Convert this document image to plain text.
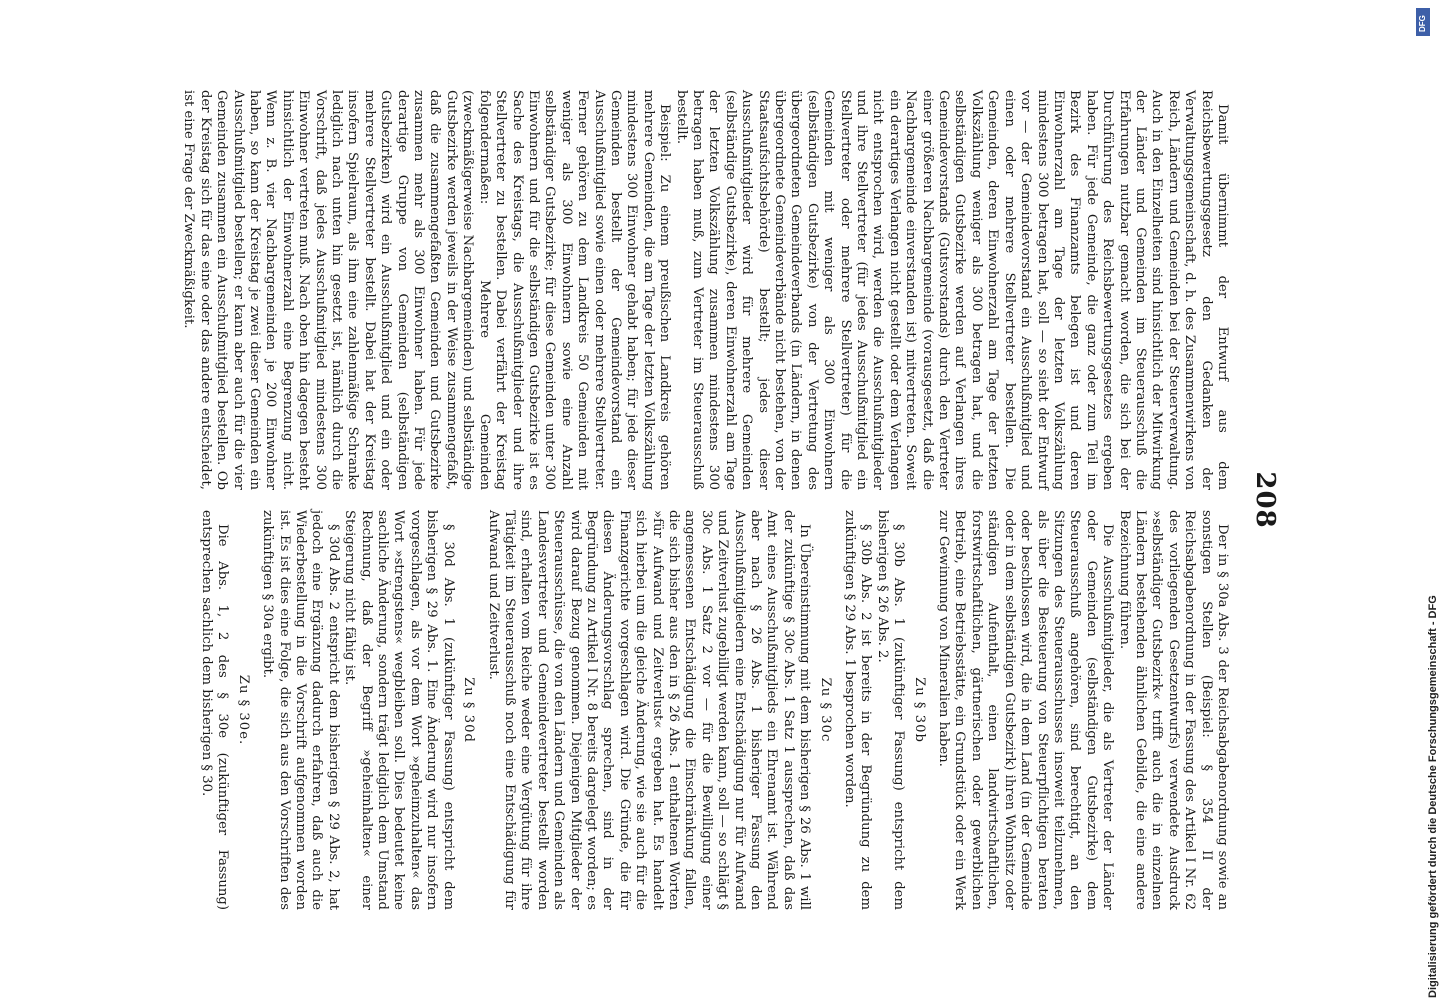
208

Damit übernimmt der Entwurf aus dem Reichsbewertungsgesetz den Gedanken der Verwaltungsgemeinschaft, d. h. des Zusammenwirkens von Reich, Ländern und Gemeinden bei der Steuerverwaltung. Auch in den Einzelheiten sind hinsichtlich der Mitwirkung der Länder und Gemeinden im Steuerausschuß die Erfahrungen nutzbar gemacht worden, die sich bei der Durchführung des Reichsbewertungsgesetzes ergeben haben. Für jede Gemeinde, die ganz oder zum Teil im Bezirk des Finanzamts belegen ist und deren Einwohnerzahl am Tage der letzten Volkszählung mindestens 300 betragen hat, soll — so sieht der Entwurf vor — der Gemeindevorstand ein Ausschußmitglied und einen oder mehrere Stellvertreter bestellen. Die Gemeinden, deren Einwohnerzahl am Tage der letzten Volkszählung weniger als 300 betragen hat, und die selbständigen Gutsbezirke werden auf Verlangen ihres Gemeindevorstands (Gutsvorstands) durch den Vertreter einer größeren Nachbargemeinde (vorausgesetzt, daß die Nachbargemeinde einverstanden ist) mitvertreten. Soweit ein derartiges Verlangen nicht gestellt oder dem Verlangen nicht entsprochen wird, werden die Ausschußmitglieder und ihre Stellvertreter (für jedes Ausschußmitglied ein Stellvertreter oder mehrere Stellvertreter) für die Gemeinden mit weniger als 300 Einwohnern (selbständigen Gutsbezirke) von der Vertretung des übergeordneten Gemeindeverbands (in Ländern, in denen übergeordnete Gemeindeverbände nicht bestehen, von der Staatsaufsichtsbehörde) bestellt; jedes dieser Ausschußmitglieder wird für mehrere Gemeinden (selbständige Gutsbezirke), deren Einwohnerzahl am Tage der letzten Volkszählung zusammen mindestens 300 betragen haben muß, zum Vertreter im Steuerausschuß bestellt.

Beispiel: Zu einem preußischen Landkreis gehören mehrere Gemeinden, die am Tage der letzten Volkszählung mindestens 300 Einwohner gehabt haben; für jede dieser Gemeinden bestellt der Gemeindevorstand ein Ausschußmitglied sowie einen oder mehrere Stellvertreter. Ferner gehören zu dem Landkreis 50 Gemeinden mit weniger als 300 Einwohnern sowie eine Anzahl selbständiger Gutsbezirke; für diese Gemeinden unter 300 Einwohnern und für die selbständigen Gutsbezirke ist es Sache des Kreistags, die Ausschußmitglieder und ihre Stellvertreter zu bestellen. Dabei verfährt der Kreistag folgendermaßen: Mehrere Gemeinden (zweckmäßigerweise Nachbargemeinden) und selbständige Gutsbezirke werden jeweils in der Weise zusammengefaßt, daß die zusammengefaßten Gemeinden und Gutsbezirke zusammen mehr als 300 Einwohner haben. Für jede derartige Gruppe von Gemeinden (selbständigen Gutsbezirken) wird ein Ausschußmitglied und ein oder mehrere Stellvertreter bestellt. Dabei hat der Kreistag insofern Spielraum, als ihm eine zahlenmäßige Schranke lediglich nach unten hin gesetzt ist, nämlich durch die Vorschrift, daß jedes Ausschußmitglied mindestens 300 Einwohner vertreten muß. Nach oben hin dagegen besteht hinsichtlich der Einwohnerzahl eine Begrenzung nicht. Wenn z. B. vier Nachbargemeinden je 200 Einwohner haben, so kann der Kreistag je zwei dieser Gemeinden ein Ausschußmitglied bestellen; er kann aber auch für die vier Gemeinden zusammen ein Ausschußmitglied bestellen. Ob der Kreistag sich für das eine oder das andere entscheidet, ist eine Frage der Zweckmäßigkeit.

Der in § 30a Abs. 3 der Reichsabgabenordnung sowie an sonstigen Stellen (Beispiel: § 354 II der Reichsabgabenordnung in der Fassung des Artikel I Nr. 62 des vorliegenden Gesetzentwurfs) verwendete Ausdruck »selbständiger Gutsbezirk« trifft auch die in einzelnen Ländern bestehenden ähnlichen Gebilde, die eine andere Bezeichnung führen.

Die Ausschußmitglieder, die als Vertreter der Länder oder Gemeinden (selbständigen Gutsbezirke) dem Steuerausschuß angehören, sind berechtigt, an den Sitzungen des Steuerausschusses insoweit teilzunehmen, als über die Besteuerung von Steuerpflichtigen beraten oder beschlossen wird, die in dem Land (in der Gemeinde oder in dem selbständigen Gutsbezirk) ihren Wohnsitz oder ständigen Aufenthalt, einen landwirtschaftlichen, forstwirtschaftlichen, gärtnerischen oder gewerblichen Betrieb, eine Betriebsstätte, ein Grundstück oder ein Werk zur Gewinnung von Mineralien haben.

Zu § 30b

§ 30b Abs. 1 (zukünftiger Fassung) entspricht dem bisherigen § 26 Abs. 2.

§ 30b Abs. 2 ist bereits in der Begründung zu dem zukünftigen § 29 Abs. 1 besprochen worden.

Zu § 30c

In Übereinstimmung mit dem bisherigen § 26 Abs. 1 will der zukünftige § 30c Abs. 1 Satz 1 aussprechen, daß das Amt eines Ausschußmitglieds ein Ehrenamt ist. Während aber nach § 26 Abs. 1 bisheriger Fassung den Ausschußmitgliedern eine Entschädigung nur für Aufwand und Zeitverlust zugebilligt werden kann, soll — so schlägt § 30c Abs. 1 Satz 2 vor — für die Bewilligung einer angemessenen Entschädigung die Einschränkung fallen, die sich bisher aus den in § 26 Abs. 1 enthaltenen Worten »für Aufwand und Zeitverlust« ergeben hat. Es handelt sich hierbei um die gleiche Änderung, wie sie auch für die Finanzgerichte vorgeschlagen wird. Die Gründe, die für diesen Änderungsvorschlag sprechen, sind in der Begründung zu Artikel I Nr. 8 bereits dargelegt worden; es wird darauf Bezug genommen. Diejenigen Mitglieder der Steuerausschüsse, die von den Ländern und Gemeinden als Landesvertreter und Gemeindevertreter bestellt worden sind, erhalten vom Reiche weder eine Vergütung für ihre Tätigkeit im Steuerausschuß noch eine Entschädigung für Aufwand und Zeitverlust.

Zu § 30d

§ 30d Abs. 1 (zukünftiger Fassung) entspricht dem bisherigen § 29 Abs. 1. Eine Änderung wird nur insofern vorgeschlagen, als vor dem Wort »geheimzuhalten« das Wort »strengstens« wegbleiben soll. Dies bedeutet keine sachliche Änderung, sondern trägt lediglich dem Umstand Rechnung, daß der Begriff »geheimhalten« einer Steigerung nicht fähig ist.

§ 30d Abs. 2 entspricht dem bisherigen § 29 Abs. 2, hat jedoch eine Ergänzung dadurch erfahren, daß auch die Wiederbestellung in die Vorschrift aufgenommen worden ist. Es ist dies eine Folge, die sich aus den Vorschriften des zukünftigen § 30a ergibt.

Zu § 30e.

Die Abs. 1, 2 des § 30e (zukünftiger Fassung) entsprechen sachlich dem bisherigen § 30.	Digitalisierung gefördert durch die Deutsche Forschungsgemeinschaft - DFG
DFG
